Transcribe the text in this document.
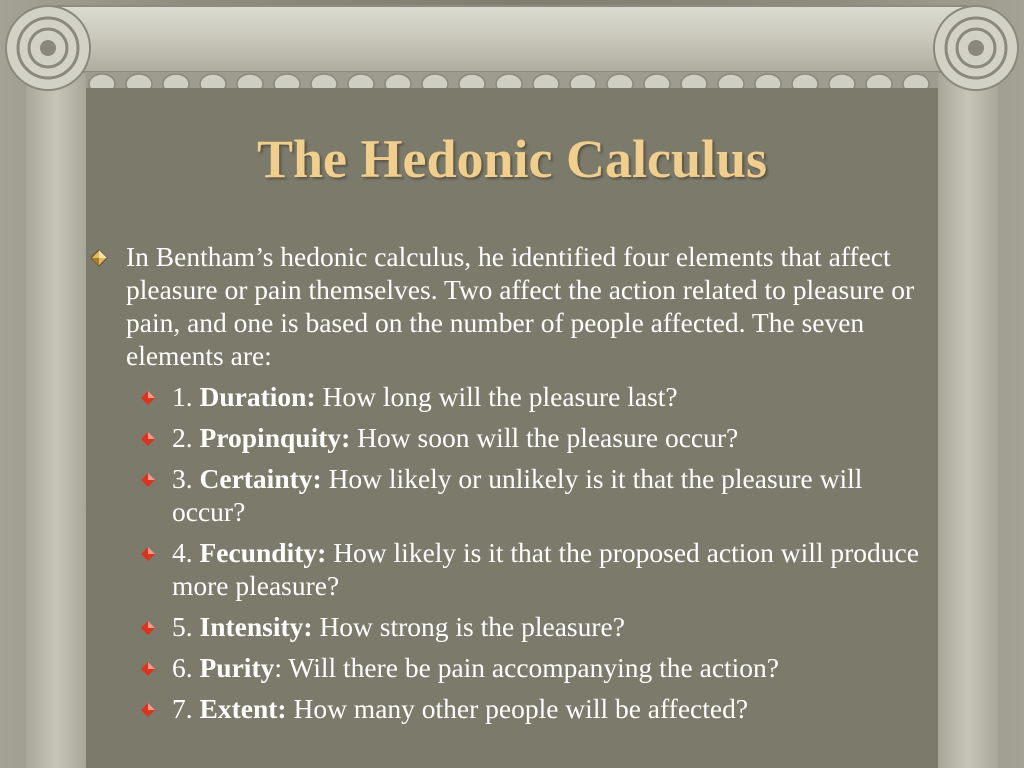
The Hedonic Calculus
In Bentham’s hedonic calculus, he identified four elements that affect pleasure or pain themselves. Two affect the action related to pleasure or pain, and one is based on the number of people affected. The seven elements are:
1. Duration: How long will the pleasure last?
2. Propinquity: How soon will the pleasure occur?
3. Certainty: How likely or unlikely is it that the pleasure will occur?
4. Fecundity: How likely is it that the proposed action will produce more pleasure?
5. Intensity: How strong is the pleasure?
6. Purity: Will there be pain accompanying the action?
7. Extent: How many other people will be affected?
